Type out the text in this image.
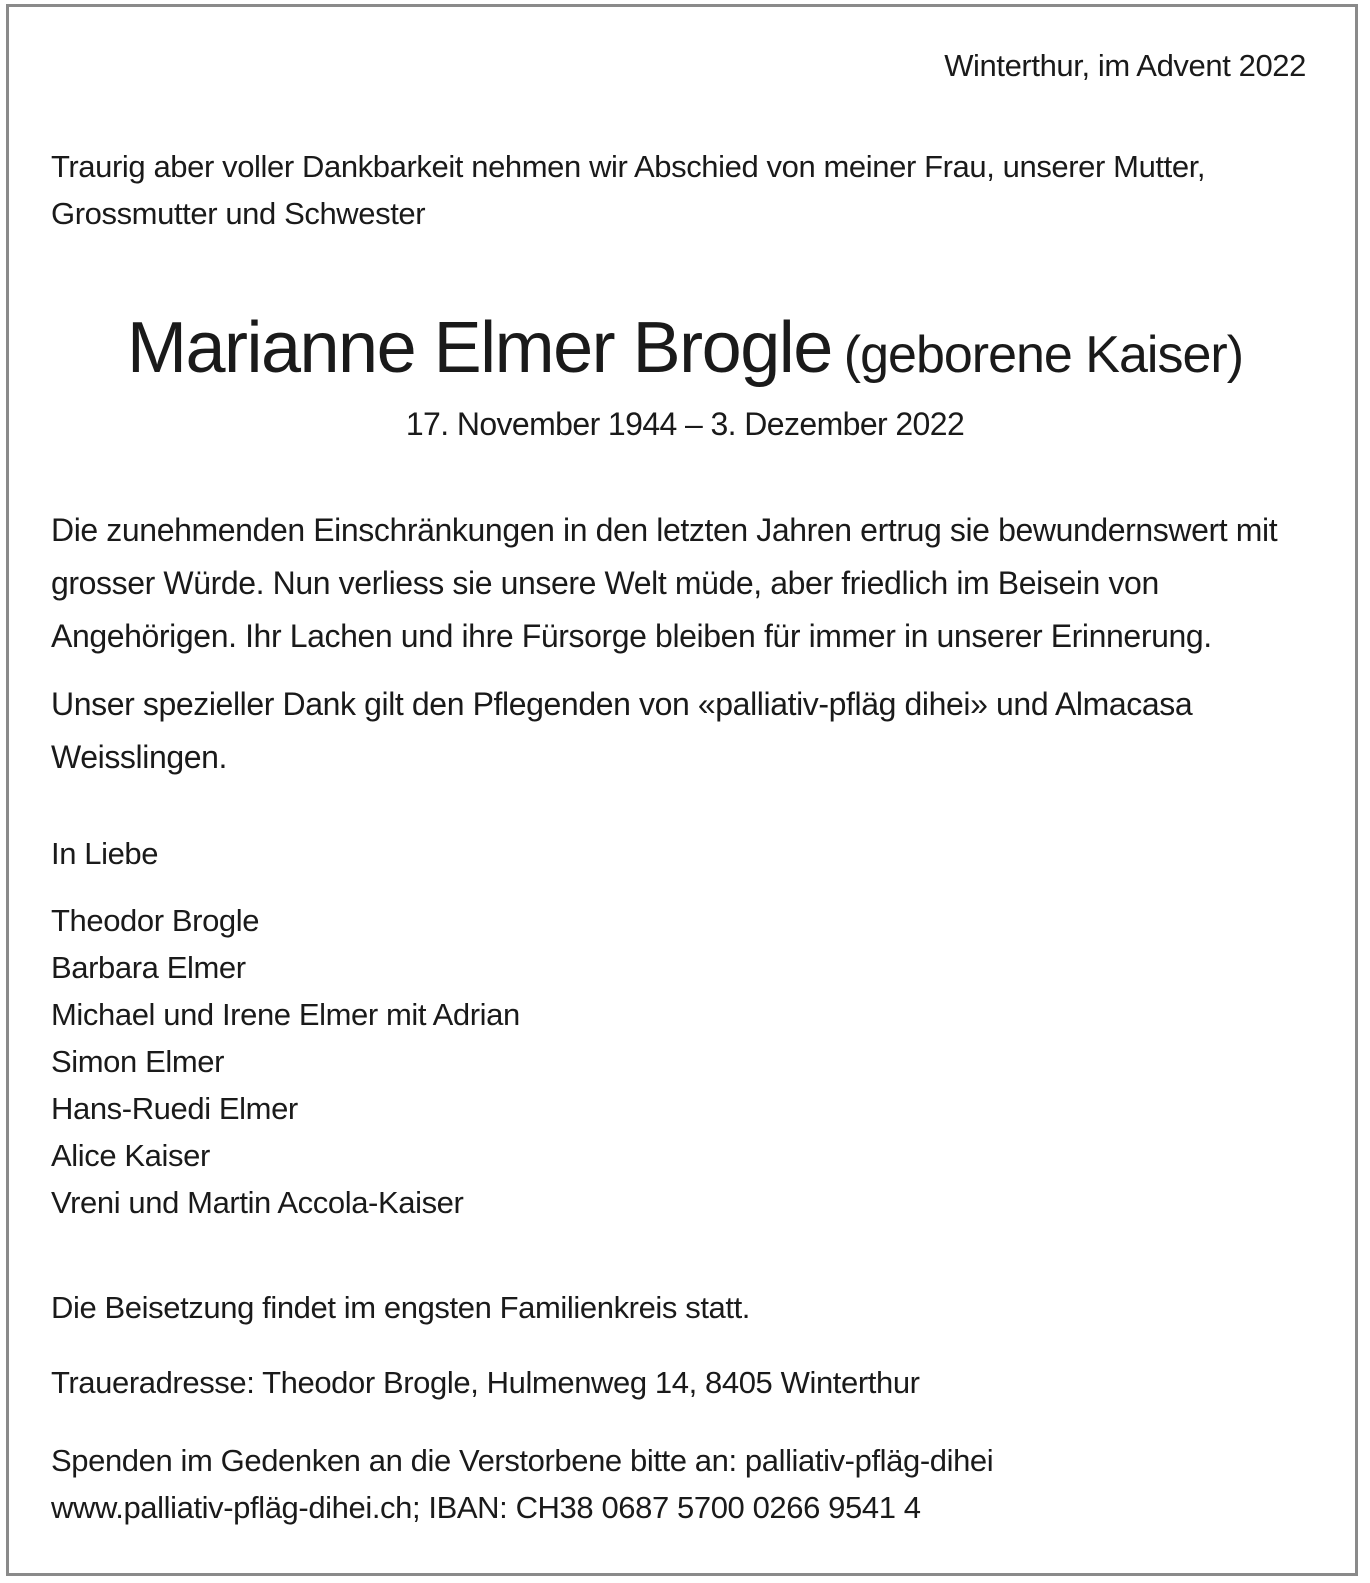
Winterthur, im Advent 2022
Traurig aber voller Dankbarkeit nehmen wir Abschied von meiner Frau, unserer Mutter, Grossmutter und Schwester
Marianne Elmer Brogle (geborene Kaiser)
17. November 1944 – 3. Dezember 2022
Die zunehmenden Einschränkungen in den letzten Jahren ertrug sie bewundernswert mit grosser Würde. Nun verliess sie unsere Welt müde, aber friedlich im Beisein von Angehörigen. Ihr Lachen und ihre Fürsorge bleiben für immer in unserer Erinnerung.
Unser spezieller Dank gilt den Pflegenden von «palliativ-pfläg dihei» und Almacasa Weisslingen.
In Liebe
Theodor Brogle
Barbara Elmer
Michael und Irene Elmer mit Adrian
Simon Elmer
Hans-Ruedi Elmer
Alice Kaiser
Vreni und Martin Accola-Kaiser
Die Beisetzung findet im engsten Familienkreis statt.
Traueradresse: Theodor Brogle, Hulmenweg 14, 8405 Winterthur
Spenden im Gedenken an die Verstorbene bitte an: palliativ-pfläg-dihei
www.palliativ-pfläg-dihei.ch; IBAN: CH38 0687 5700 0266 9541 4
